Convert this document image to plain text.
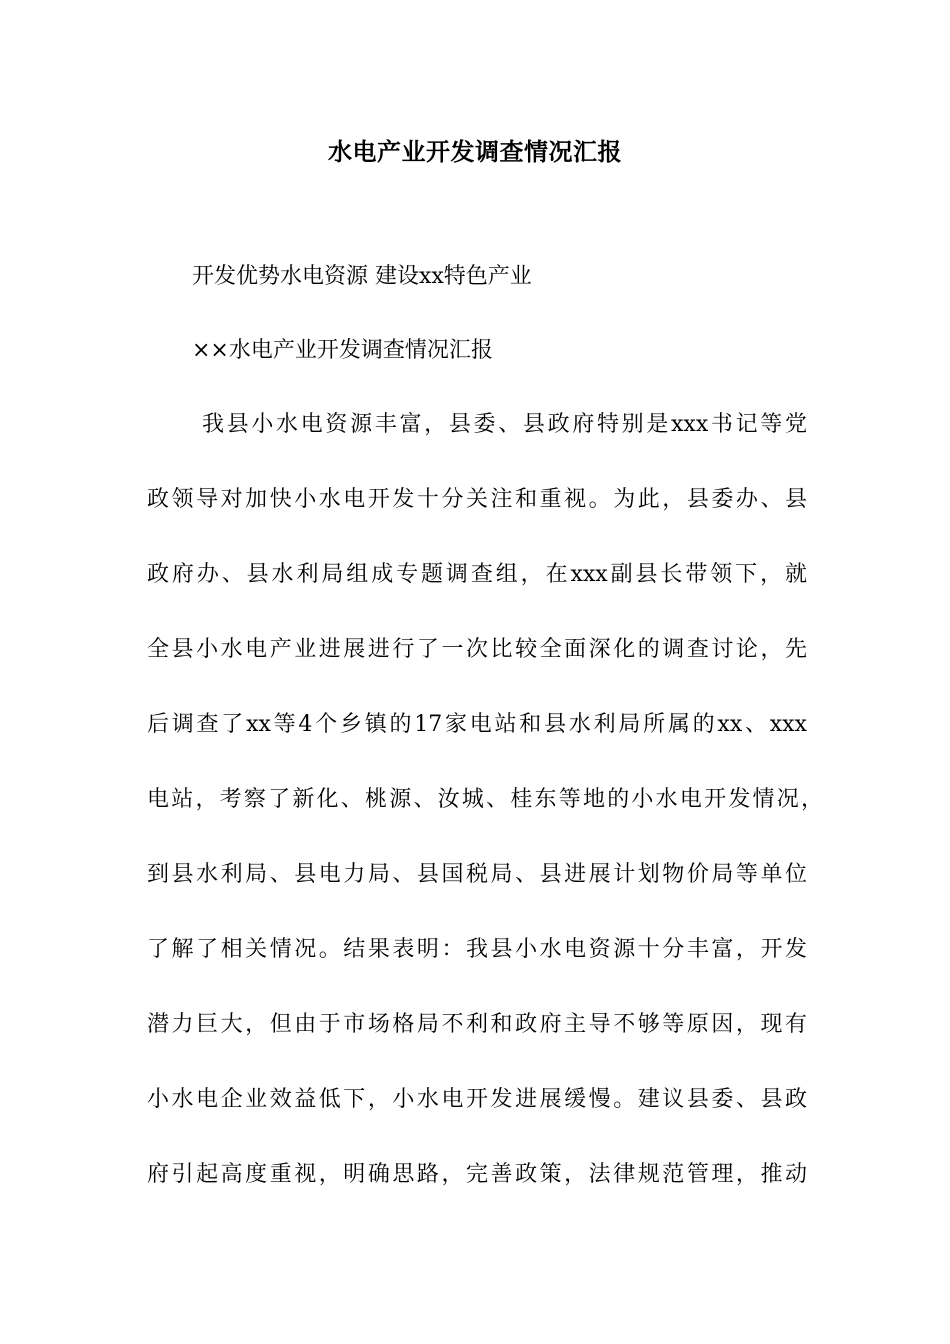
水电产业开发调查情况汇报

开发优势水电资源 建设xx特色产业

××水电产业开发调查情况汇报

我县小水电资源丰富，县委、县政府特别是xxx书记等党

政领导对加快小水电开发十分关注和重视。为此，县委办、县

政府办、县水利局组成专题调查组，在xxx副县长带领下，就

全县小水电产业进展进行了一次比较全面深化的调查讨论，先

后调查了xx等4个乡镇的17家电站和县水利局所属的xx、xxx

电站，考察了新化、桃源、汝城、桂东等地的小水电开发情况，

到县水利局、县电力局、县国税局、县进展计划物价局等单位

了解了相关情况。结果表明：我县小水电资源十分丰富，开发

潜力巨大，但由于市场格局不利和政府主导不够等原因，现有

小水电企业效益低下，小水电开发进展缓慢。建议县委、县政

府引起高度重视，明确思路，完善政策，法律规范管理，推动
